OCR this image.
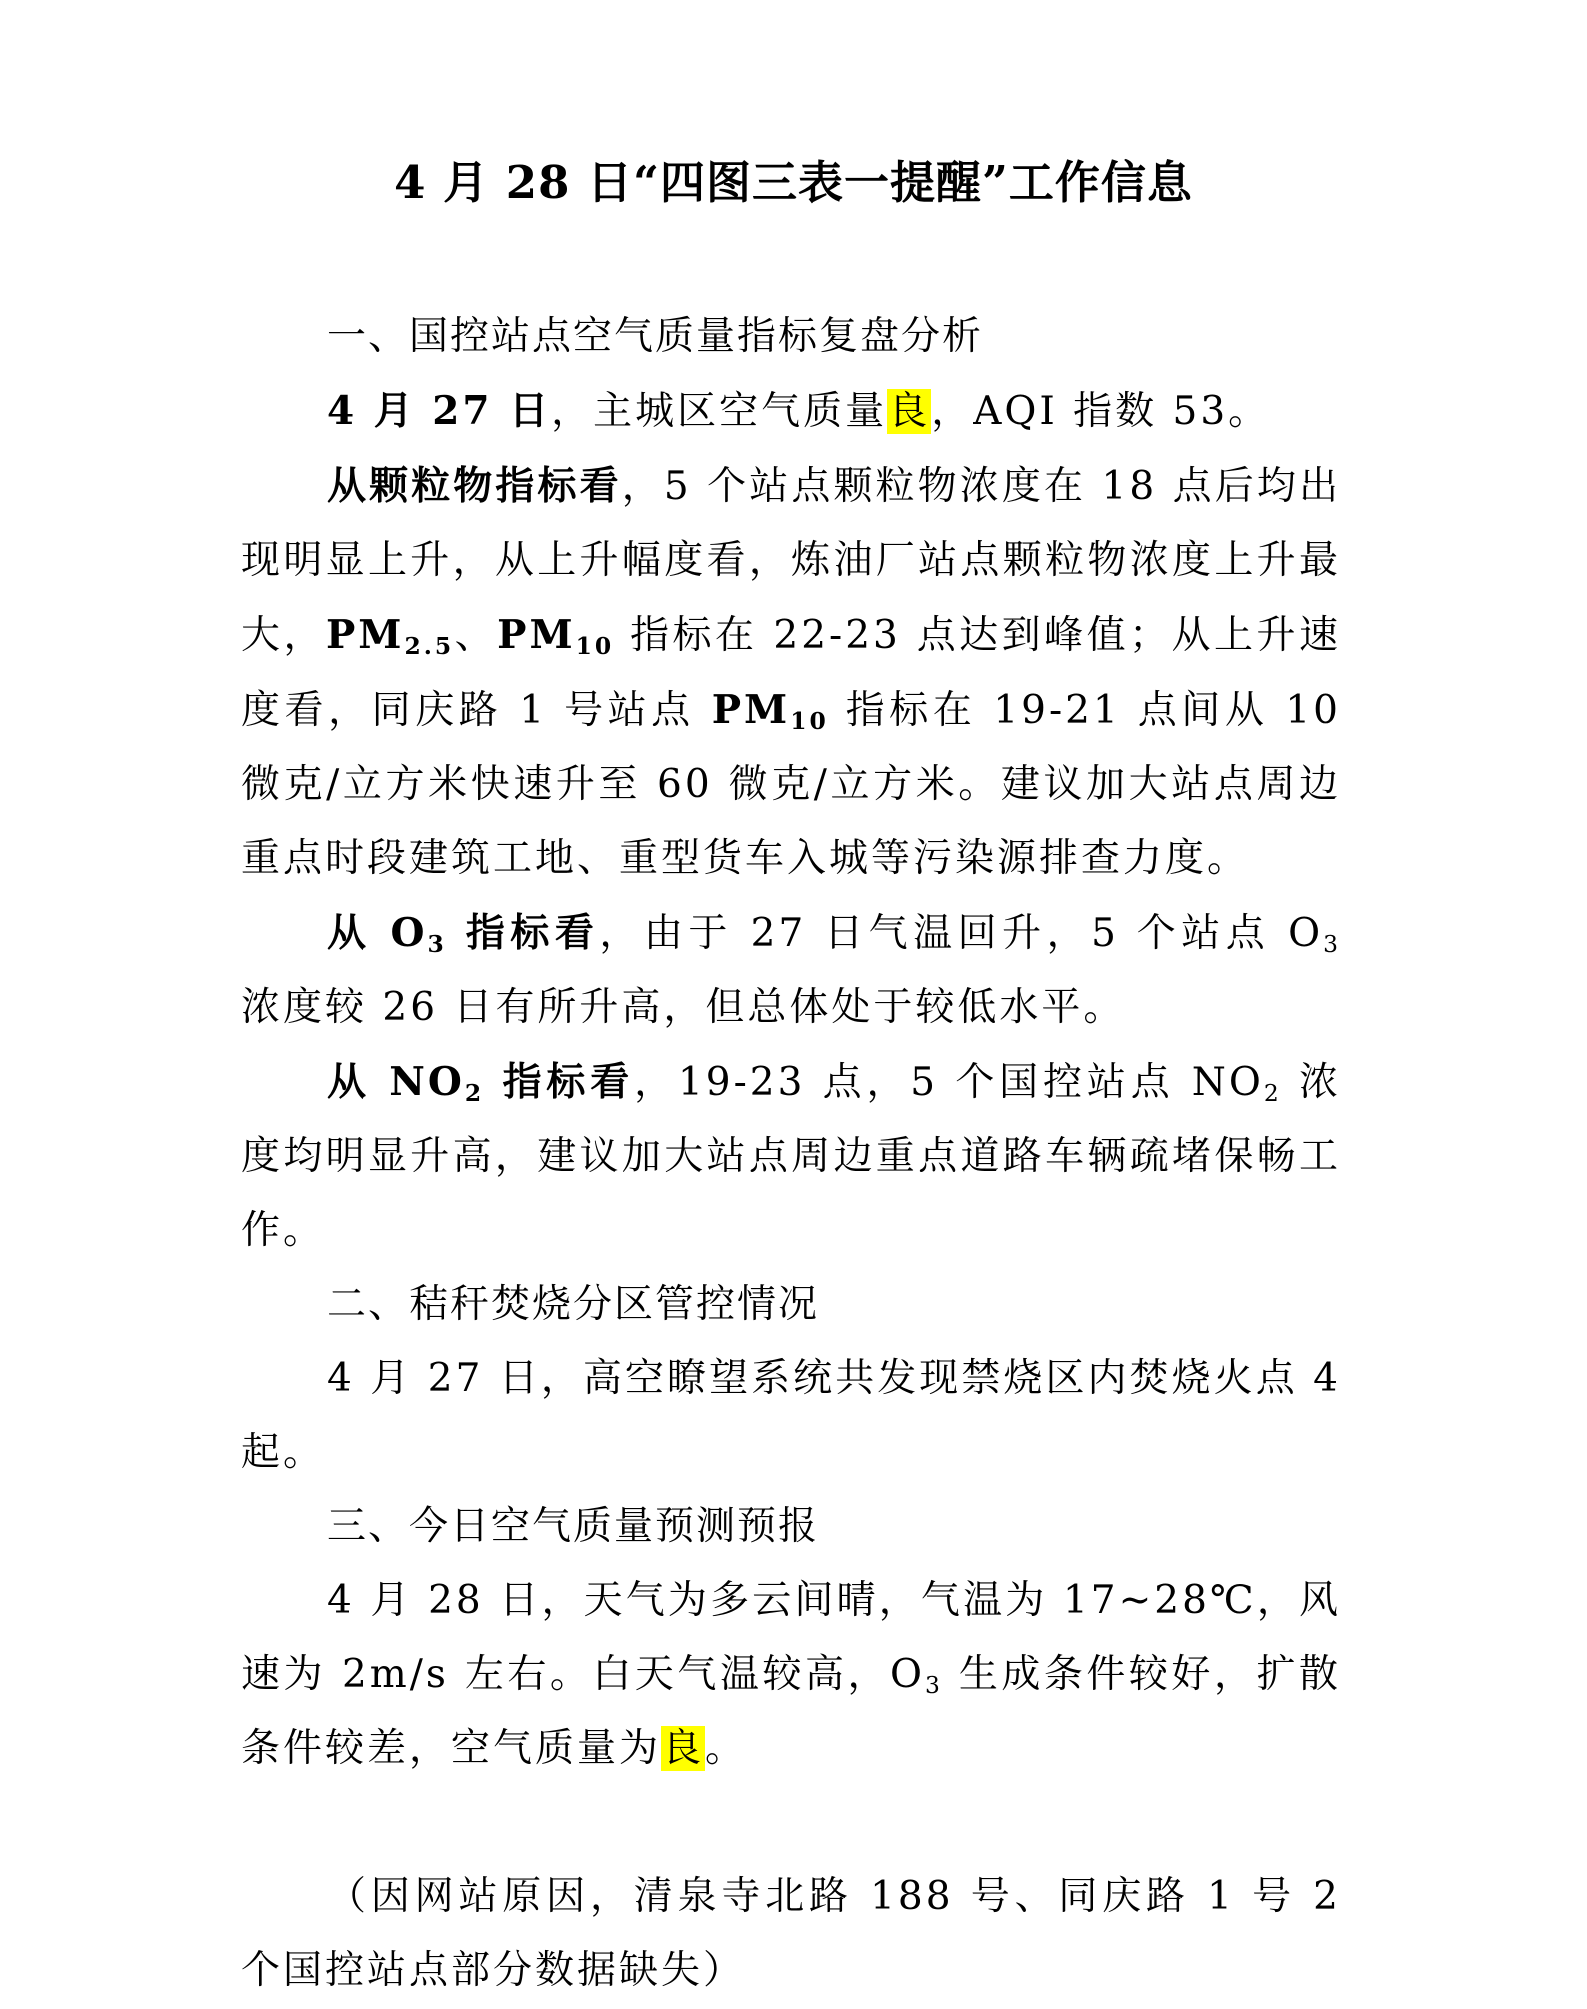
4 月 28 日“四图三表一提醒”工作信息

一、国控站点空气质量指标复盘分析

4 月 27 日，主城区空气质量良，AQI 指数 53。

从颗粒物指标看，5 个站点颗粒物浓度在 18 点后均出现明显上升，从上升幅度看，炼油厂站点颗粒物浓度上升最大，$PM_{2.5}$、$PM_{10}$ 指标在 22-23 点达到峰值；从上升速度看，同庆路 1 号站点 $PM_{10}$ 指标在 19-21 点间从 10 微克/立方米快速升至 60 微克/立方米。建议加大站点周边重点时段建筑工地、重型货车入城等污染源排查力度。

从 $O_3$ 指标看，由于 27 日气温回升，5 个站点 $O_3$ 浓度较 26 日有所升高，但总体处于较低水平。

从 $NO_2$ 指标看，19-23 点，5 个国控站点 $NO_2$ 浓度均明显升高，建议加大站点周边重点道路车辆疏堵保畅工作。

二、秸秆焚烧分区管控情况

4 月 27 日，高空瞭望系统共发现禁烧区内焚烧火点 4 起。

三、今日空气质量预测预报

4 月 28 日，天气为多云间晴，气温为 17~28℃，风速为 2m/s 左右。白天气温较高，$O_3$ 生成条件较好，扩散条件较差，空气质量为良。

（因网站原因，清泉寺北路 188 号、同庆路 1 号 2 个国控站点部分数据缺失）
